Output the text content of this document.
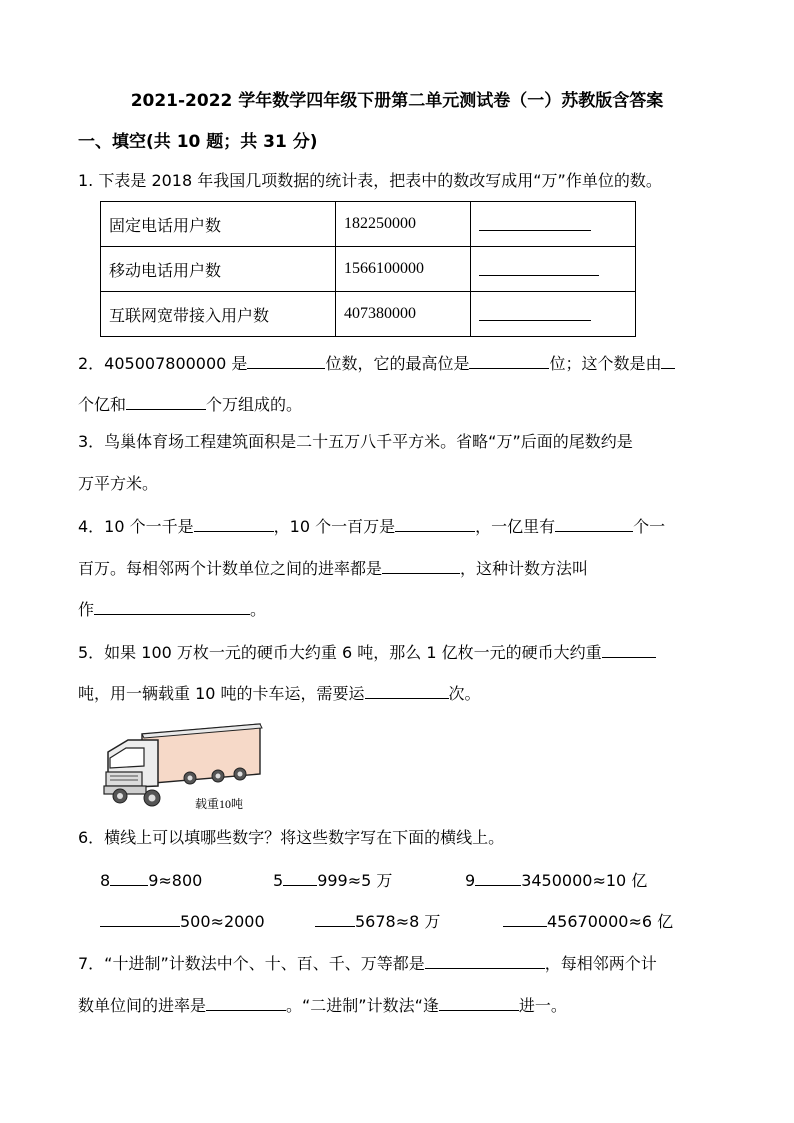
2021-2022 学年数学四年级下册第二单元测试卷（一）苏教版含答案
一、填空(共 10 题；共 31 分)
1. 下表是 2018 年我国几项数据的统计表，把表中的数改写成用“万”作单位的数。
固定电话用户数	182250000	
移动电话用户数	1566100000	
互联网宽带接入用户数	407380000	
2．405007800000 是	位数，它的最高位是	位；这个数是由
个亿和	个万组成的。
3．鸟巢体育场工程建筑面积是二十五万八千平方米。省略“万”后面的尾数约是
万平方米。
4．10 个一千是	，10 个一百万是	，一亿里有	个一
百万。每相邻两个计数单位之间的进率都是	，这种计数方法叫
作	。
5．如果 100 万枚一元的硬币大约重 6 吨，那么 1 亿枚一元的硬币大约重
吨，用一辆载重 10 吨的卡车运，需要运	次。
载重10吨
6．横线上可以填哪些数字？将这些数字写在下面的横线上。
8 9≈800	5 999≈5 万	9	3450000≈10 亿
500≈2000	5678≈8 万	45670000≈6 亿
7．“十进制”计数法中个、十、百、千、万等都是	，每相邻两个计
数单位间的进率是	。“二进制”计数法“逢	进一。
